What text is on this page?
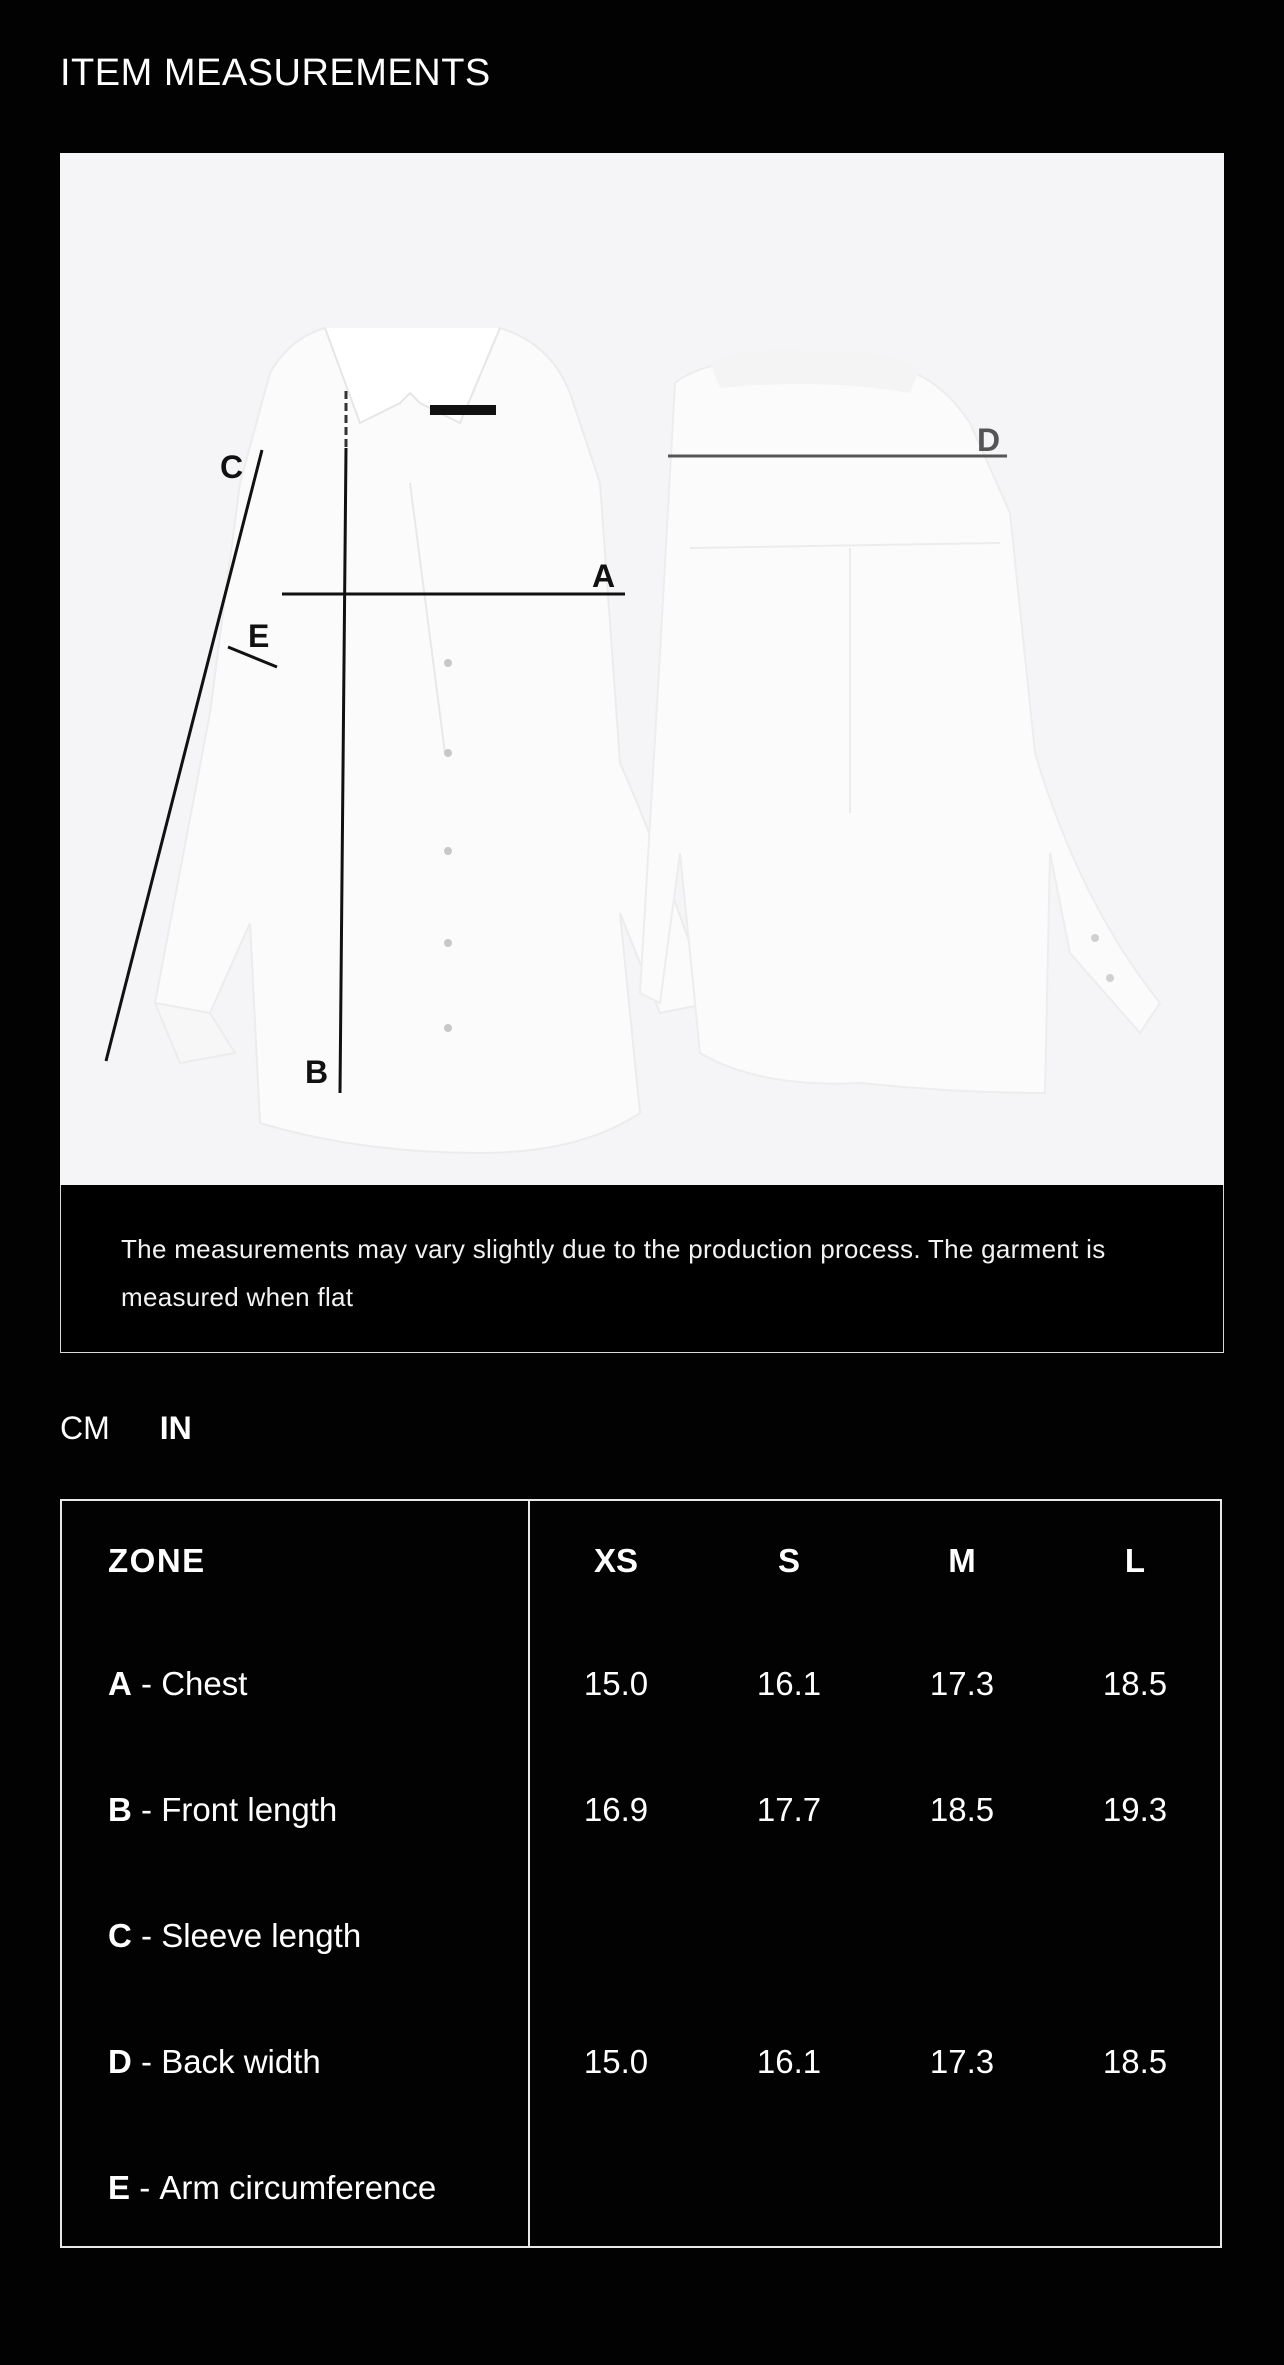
ITEM MEASUREMENTS
C
A
E
B
D
The measurements may vary slightly due to the production process. The garment is measured when flat
CM IN
ZONE	XS	S	M	L
A - Chest	15.0	16.1	17.3	18.5
B - Front length	16.9	17.7	18.5	19.3
C - Sleeve length
D - Back width	15.0	16.1	17.3	18.5
E - Arm circumference
